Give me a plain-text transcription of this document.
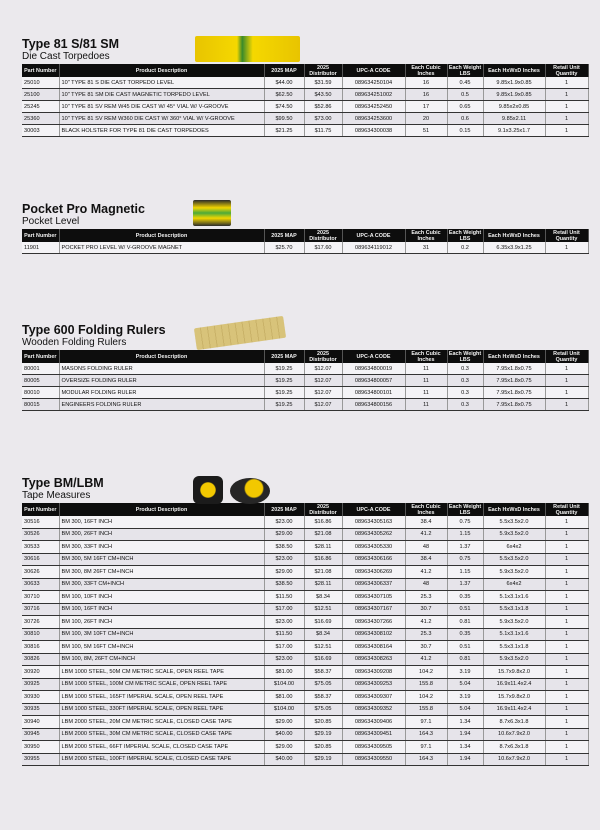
Type 81 S/81 SM
Die Cast Torpedoes
Part Number	Product Description	2025 MAP	2025 Distributor	UPC-A CODE	Each Cubic Inches	Each Weight LBS	Each HxWxD Inches	Retail Unit Quantity
25010	10" TYPE 81 S DIE CAST TORPEDO LEVEL	$44.00	$31.59	089634250104	16	0.45	9.85x1.9x0.85	1
25100	10" TYPE 81 SM DIE CAST MAGNETIC TORPEDO LEVEL	$62.50	$43.50	089634251002	16	0.5	9.85x1.9x0.85	1
25245	10" TYPE 81 SV REM W45 DIE CAST W/ 45° VIAL W/ V-GROOVE	$74.50	$52.86	089634252450	17	0.65	9.85x2x0.85	1
25360	10" TYPE 81 SV REM W360 DIE CAST W/ 360° VIAL W/ V-GROOVE	$99.50	$73.00	089634253600	20	0.6	9.85x2.11	1
30003	BLACK HOLSTER FOR TYPE 81 DIE CAST TORPEDOES	$21.25	$11.75	089634300038	51	0.15	9.1x3.25x1.7	1
Pocket Pro Magnetic
Pocket Level
Part Number	Product Description	2025 MAP	2025 Distributor	UPC-A CODE	Each Cubic Inches	Each Weight LBS	Each HxWxD Inches	Retail Unit Quantity
11901	POCKET PRO LEVEL W/ V-GROOVE MAGNET	$25.70	$17.60	089634119012	31	0.2	6.35x3.9x1.25	1
Type 600 Folding Rulers
Wooden Folding Rulers
Part Number	Product Description	2025 MAP	2025 Distributor	UPC-A CODE	Each Cubic Inches	Each Weight LBS	Each HxWxD Inches	Retail Unit Quantity
80001	MASONS FOLDING RULER	$19.25	$12.07	089634800019	11	0.3	7.95x1.8x0.75	1
80005	OVERSIZE FOLDING RULER	$19.25	$12.07	089634800057	11	0.3	7.95x1.8x0.75	1
80010	MODULAR FOLDING RULER	$19.25	$12.07	089634800101	11	0.3	7.95x1.8x0.75	1
80015	ENGINEERS FOLDING RULER	$19.25	$12.07	089634800156	11	0.3	7.95x1.8x0.75	1
Type BM/LBM
Tape Measures
Part Number	Product Description	2025 MAP	2025 Distributor	UPC-A CODE	Each Cubic Inches	Each Weight LBS	Each HxWxD Inches	Retail Unit Quantity
30516	BM 300, 16FT INCH	$23.00	$16.86	089634305163	38.4	0.75	5.5x3.5x2.0	1
30526	BM 300, 26FT INCH	$29.00	$21.08	089634305262	41.2	1.15	5.9x3.5x2.0	1
30533	BM 300, 33FT INCH	$38.50	$28.11	089634305330	48	1.37	6x4x2	1
30616	BM 300, 5M 16FT CM+INCH	$23.00	$16.86	089634306166	38.4	0.75	5.5x3.5x2.0	1
30626	BM 300, 8M 26FT CM+INCH	$29.00	$21.08	089634306269	41.2	1.15	5.9x3.5x2.0	1
30633	BM 300, 33FT CM+INCH	$38.50	$28.11	089634306337	48	1.37	6x4x2	1
30710	BM 100, 10FT INCH	$11.50	$8.34	089634307105	25.3	0.35	5.1x3.1x1.6	1
30716	BM 100, 16FT INCH	$17.00	$12.51	089634307167	30.7	0.51	5.5x3.1x1.8	1
30726	BM 100, 26FT INCH	$23.00	$16.69	089634307266	41.2	0.81	5.9x3.5x2.0	1
30810	BM 100, 3M 10FT CM+INCH	$11.50	$8.34	089634308102	25.3	0.35	5.1x3.1x1.6	1
30816	BM 100, 5M 16FT CM+INCH	$17.00	$12.51	089634308164	30.7	0.51	5.5x3.1x1.8	1
30826	BM 100, 8M, 26FT CM+INCH	$23.00	$16.69	089634308263	41.2	0.81	5.9x3.5x2.0	1
30920	LBM 1000 STEEL, 50M CM METRIC SCALE, OPEN REEL TAPE	$81.00	$58.37	089634309208	104.2	3.19	15.7x9.8x2.0	1
30925	LBM 1000 STEEL, 100M CM METRIC SCALE, OPEN REEL TAPE	$104.00	$75.05	089634309253	155.8	5.04	16.9x11.4x2.4	1
30930	LBM 1000 STEEL, 165FT IMPERIAL SCALE, OPEN REEL TAPE	$81.00	$58.37	089634309307	104.2	3.19	15.7x9.8x2.0	1
30935	LBM 1000 STEEL, 330FT IMPERIAL SCALE, OPEN REEL TAPE	$104.00	$75.05	089634309352	155.8	5.04	16.9x11.4x2.4	1
30940	LBM 2000 STEEL, 20M CM METRIC SCALE, CLOSED CASE TAPE	$29.00	$20.85	089634309406	97.1	1.34	8.7x6.3x1.8	1
30945	LBM 2000 STEEL, 30M CM METRIC SCALE, CLOSED CASE TAPE	$40.00	$29.19	089634309451	164.3	1.94	10.6x7.9x2.0	1
30950	LBM 2000 STEEL, 66FT IMPERIAL SCALE, CLOSED CASE TAPE	$29.00	$20.85	089634309505	97.1	1.34	8.7x6.3x1.8	1
30955	LBM 2000 STEEL, 100FT IMPERIAL SCALE, CLOSED CASE TAPE	$40.00	$29.19	089634309550	164.3	1.94	10.6x7.9x2.0	1
